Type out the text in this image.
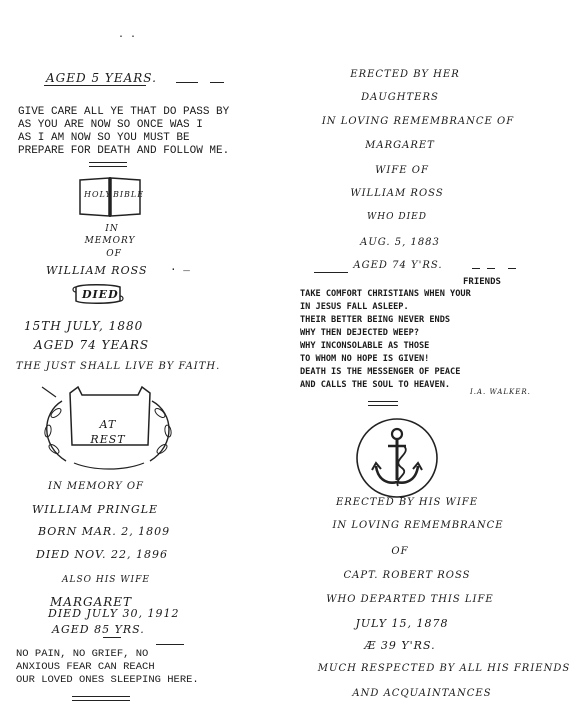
· ·
AGED 5 YEARS.
GIVE CARE ALL YE THAT DO PASS BY
AS YOU ARE NOW SO ONCE WAS I
AS I AM NOW SO YOU MUST BE
PREPARE FOR DEATH AND FOLLOW ME.
HOLY BIBLE
IN
MEMORY
OF
WILLIAM ROSS . _
DIED
15TH JULY, 1880
AGED 74 YEARS
THE JUST SHALL LIVE BY FAITH.
AT
REST
IN MEMORY OF
WILLIAM PRINGLE
BORN MAR. 2, 1809
DIED NOV. 22, 1896
ALSO HIS WIFE
MARGARET
DIED JULY 30, 1912
AGED 85 YRS.
NO PAIN, NO GRIEF, NO
ANXIOUS FEAR CAN REACH
OUR LOVED ONES SLEEPING HERE.
ERECTED BY HER
DAUGHTERS
IN LOVING REMEMBRANCE OF
MARGARET
WIFE OF
WILLIAM ROSS
WHO DIED
AUG. 5, 1883
AGED 74 Y'RS.
FRIENDS
TAKE COMFORT CHRISTIANS WHEN YOUR
IN JESUS FALL ASLEEP.
THEIR BETTER BEING NEVER ENDS
WHY THEN DEJECTED WEEP?
WHY INCONSOLABLE AS THOSE
TO WHOM NO HOPE IS GIVEN!
DEATH IS THE MESSENGER OF PEACE
AND CALLS THE SOUL TO HEAVEN.
I.A. WALKER.
ERECTED BY HIS WIFE
IN LOVING REMEMBRANCE
OF
CAPT. ROBERT ROSS
WHO DEPARTED THIS LIFE
JULY 15, 1878
Æ 39 Y'RS.
MUCH RESPECTED BY ALL HIS FRIENDS
AND ACQUAINTANCES
